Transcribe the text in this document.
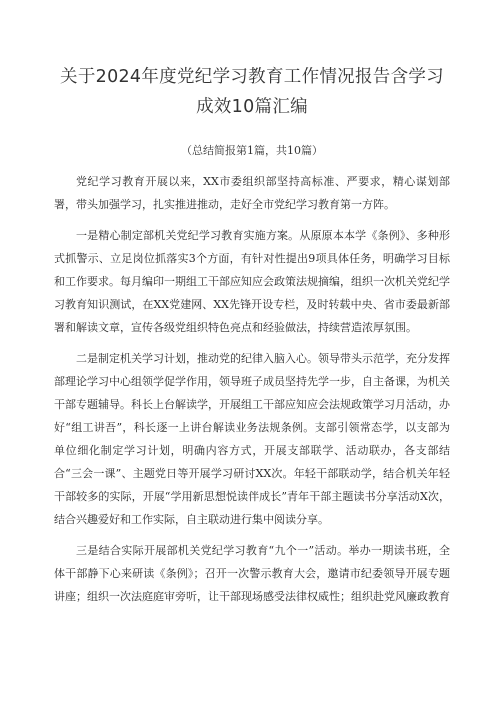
关于2024年度党纪学习教育工作情况报告含学习成效10篇汇编

（总结简报第1篇，共10篇）

党纪学习教育开展以来，XX市委组织部坚持高标准、严要求，精心谋划部署，带头加强学习，扎实推进推动，走好全市党纪学习教育第一方阵。

一是精心制定部机关党纪学习教育实施方案。从原原本本学《条例》、多种形式抓警示、立足岗位抓落实3个方面，有针对性提出9项具体任务，明确学习目标和工作要求。每月编印一期组工干部应知应会政策法规摘编，组织一次机关党纪学习教育知识测试，在XX党建网、XX先锋开设专栏，及时转载中央、省市委最新部署和解读文章，宣传各级党组织特色亮点和经验做法，持续营造浓厚氛围。

二是制定机关学习计划，推动党的纪律入脑入心。领导带头示范学，充分发挥部理论学习中心组领学促学作用，领导班子成员坚持先学一步，自主备课，为机关干部专题辅导。科长上台解读学，开展组工干部应知应会法规政策学习月活动，办好“组工讲吾”，科长逐一上讲台解读业务法规条例。支部引领常态学，以支部为单位细化制定学习计划，明确内容方式，开展支部联学、活动联办，各支部结合“三会一课”、主题党日等开展学习研讨XX次。年轻干部联动学，结合机关年轻干部较多的实际，开展“学用新思想悦读伴成长”青年干部主题读书分享活动X次，结合兴趣爱好和工作实际，自主联动进行集中阅读分享。

三是结合实际开展部机关党纪学习教育“九个一”活动。举办一期读书班，全体干部静下心来研读《条例》；召开一次警示教育大会，邀请市纪委领导开展专题讲座；组织一次法庭庭审旁听，让干部现场感受法律权威性；组织赴党风廉政教育
